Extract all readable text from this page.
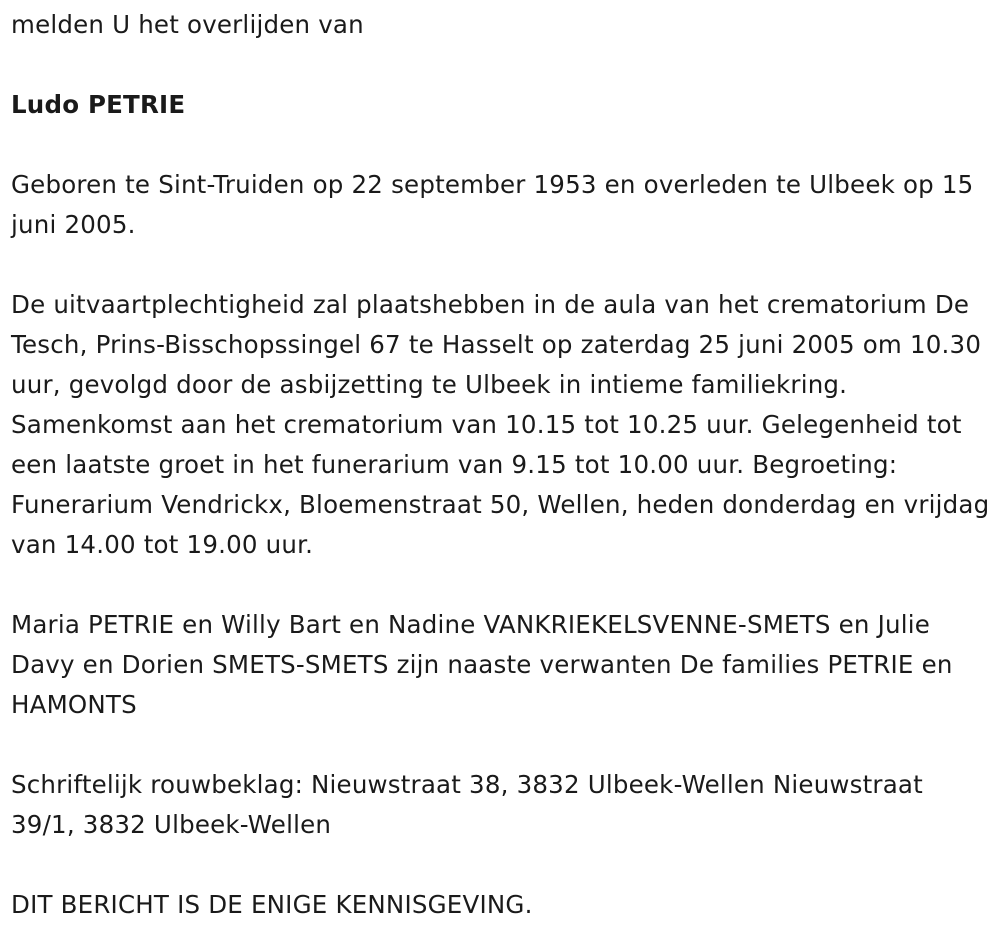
melden U het overlijden van

Ludo PETRIE

Geboren te Sint-Truiden op 22 september 1953 en overleden te Ulbeek op 15 juni 2005.

De uitvaartplechtigheid zal plaatshebben in de aula van het crematorium De Tesch, Prins-Bisschopssingel 67 te Hasselt op zaterdag 25 juni 2005 om 10.30 uur, gevolgd door de asbijzetting te Ulbeek in intieme familiekring. Samenkomst aan het crematorium van 10.15 tot 10.25 uur. Gelegenheid tot een laatste groet in het funerarium van 9.15 tot 10.00 uur. Begroeting: Funerarium Vendrickx, Bloemenstraat 50, Wellen, heden donderdag en vrijdag van 14.00 tot 19.00 uur.

Maria PETRIE en Willy Bart en Nadine VANKRIEKELSVENNE-SMETS en Julie Davy en Dorien SMETS-SMETS zijn naaste verwanten De families PETRIE en HAMONTS

Schriftelijk rouwbeklag: Nieuwstraat 38, 3832 Ulbeek-Wellen Nieuwstraat 39/1, 3832 Ulbeek-Wellen

DIT BERICHT IS DE ENIGE KENNISGEVING.
